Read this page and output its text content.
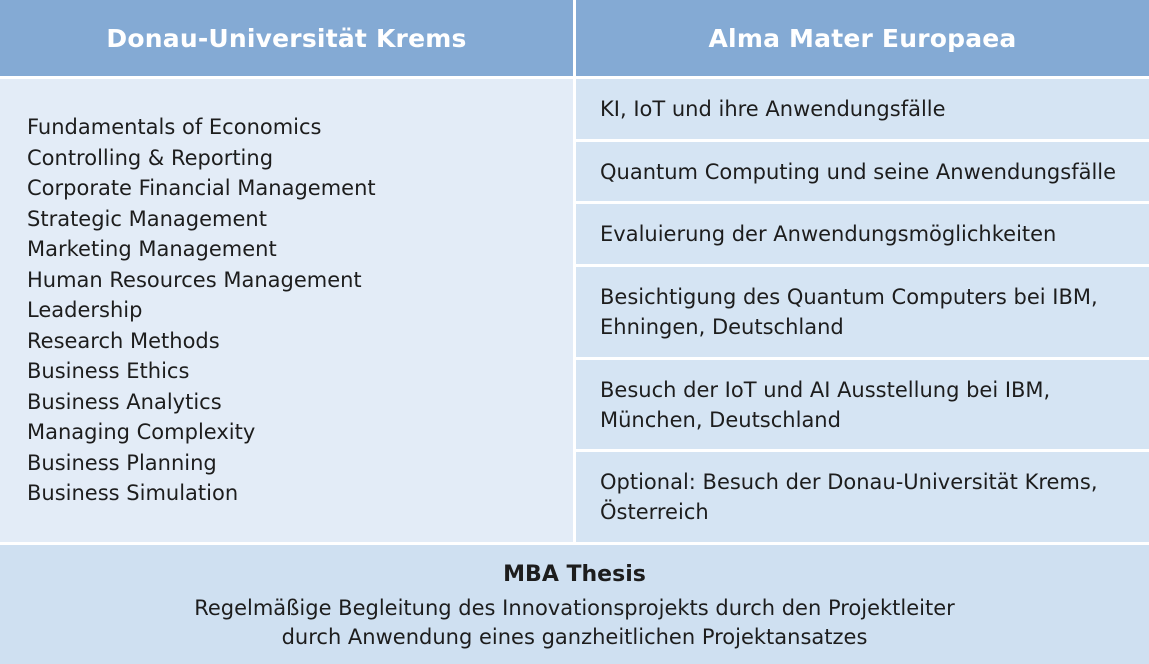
Donau-Universität Krems	Alma Mater Europaea
Fundamentals of Economics
Controlling & Reporting
Corporate Financial Management
Strategic Management
Marketing Management
Human Resources Management
Leadership
Research Methods
Business Ethics
Business Analytics
Managing Complexity
Business Planning
Business Simulation
KI, IoT und ihre Anwendungsfälle
Quantum Computing und seine Anwendungsfälle
Evaluierung der Anwendungsmöglichkeiten
Besichtigung des Quantum Computers bei IBM, Ehningen, Deutschland
Besuch der IoT und AI Ausstellung bei IBM, München, Deutschland
Optional: Besuch der Donau-Universität Krems, Österreich
MBA Thesis
Regelmäßige Begleitung des Innovationsprojekts durch den Projektleiter
durch Anwendung eines ganzheitlichen Projektansatzes
